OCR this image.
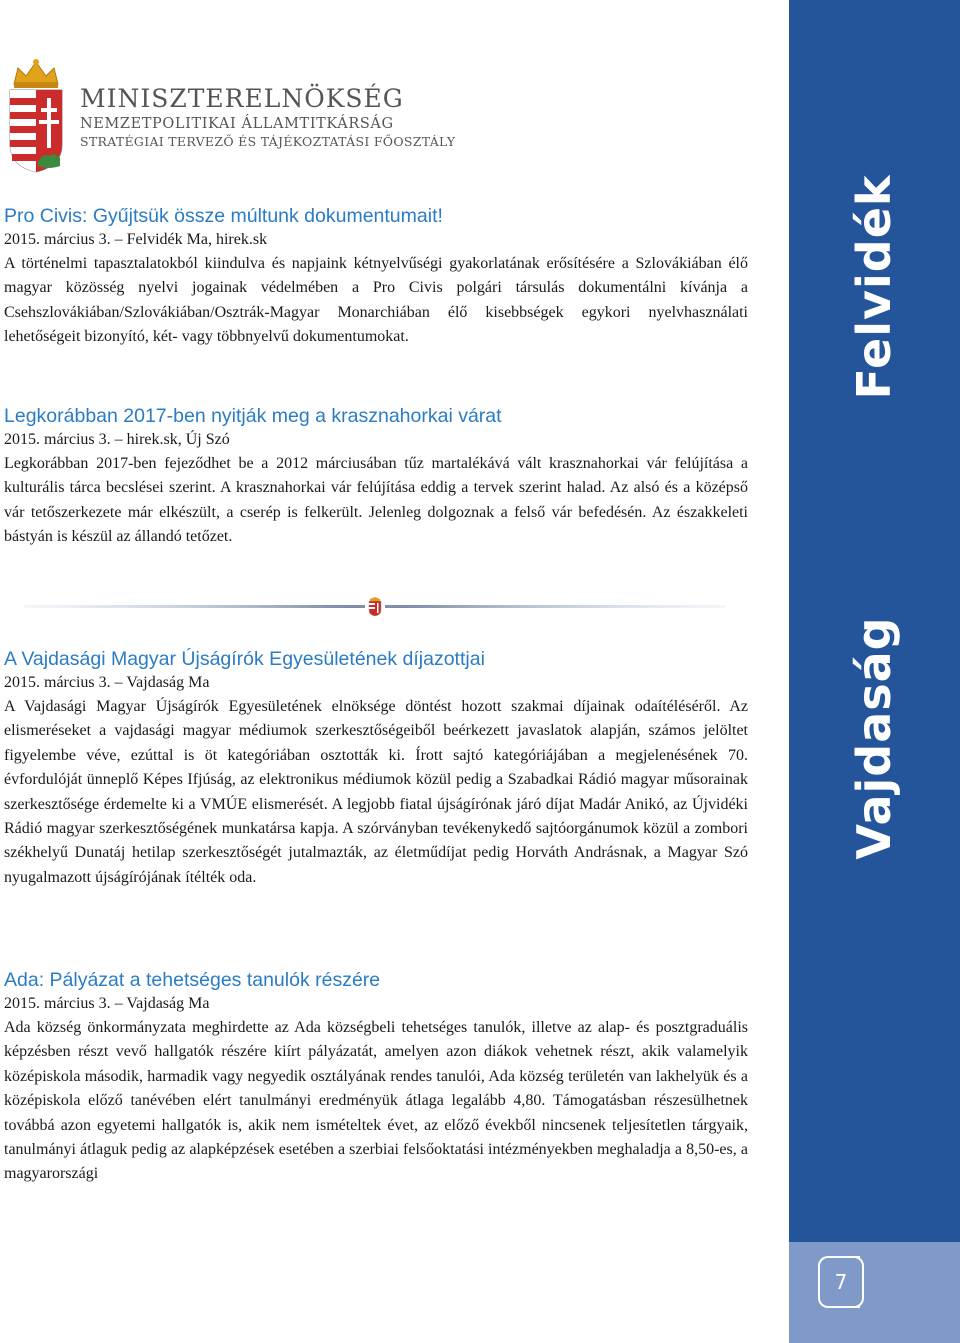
Felvidék
Vajdaság
7
MINISZTERELNÖKSÉG
NEMZETPOLITIKAI ÁLLAMTITKÁRSÁG
STRATÉGIAI TERVEZŐ ÉS TÁJÉKOZTATÁSI FŐOSZTÁLY
Pro Civis: Gyűjtsük össze múltunk dokumentumait!
2015. március 3. – Felvidék Ma, hirek.sk

A történelmi tapasztalatokból kiindulva és napjaink kétnyelvűségi gyakorlatának erősítésére a Szlovákiában élő magyar közösség nyelvi jogainak védelmében a Pro Civis polgári társulás dokumentálni kívánja a Csehszlovákiában/Szlovákiában/Osztrák-Magyar Monarchiában élő kisebbségek egykori nyelvhasználati lehetőségeit bizonyító, két- vagy többnyelvű dokumentumokat.

Legkorábban 2017-ben nyitják meg a krasznahorkai várat
2015. március 3. – hirek.sk, Új Szó

Legkorábban 2017-ben fejeződhet be a 2012 márciusában tűz martalékává vált krasznahorkai vár felújítása a kulturális tárca becslései szerint. A krasznahorkai vár felújítása eddig a tervek szerint halad. Az alsó és a középső vár tetőszerkezete már elkészült, a cserép is felkerült. Jelenleg dolgoznak a felső vár befedésén. Az északkeleti bástyán is készül az állandó tetőzet.

A Vajdasági Magyar Újságírók Egyesületének díjazottjai
2015. március 3. – Vajdaság Ma

A Vajdasági Magyar Újságírók Egyesületének elnöksége döntést hozott szakmai díjainak odaítéléséről. Az elismeréseket a vajdasági magyar médiumok szerkesztőségeiből beérkezett javaslatok alapján, számos jelöltet figyelembe véve, ezúttal is öt kategóriában osztották ki. Írott sajtó kategóriájában a megjelenésének 70. évfordulóját ünneplő Képes Ifjúság, az elektronikus médiumok közül pedig a Szabadkai Rádió magyar műsorainak szerkesztősége érdemelte ki a VMÚE elismerését. A legjobb fiatal újságírónak járó díjat Madár Anikó, az Újvidéki Rádió magyar szerkesztőségének munkatársa kapja. A szórványban tevékenykedő sajtóorgánumok közül a zombori székhelyű Dunatáj hetilap szerkesztőségét jutalmazták, az életműdíjat pedig Horváth Andrásnak, a Magyar Szó nyugalmazott újságírójának ítélték oda.

Ada: Pályázat a tehetséges tanulók részére
2015. március 3. – Vajdaság Ma

Ada község önkormányzata meghirdette az Ada községbeli tehetséges tanulók, illetve az alap- és posztgraduális képzésben részt vevő hallgatók részére kiírt pályázatát, amelyen azon diákok vehetnek részt, akik valamelyik középiskola második, harmadik vagy negyedik osztályának rendes tanulói, Ada község területén van lakhelyük és a középiskola előző tanévében elért tanulmányi eredményük átlaga legalább 4,80. Támogatásban részesülhetnek továbbá azon egyetemi hallgatók is, akik nem ismételtek évet, az előző évekből nincsenek teljesítetlen tárgyaik, tanulmányi átlaguk pedig az alapképzések esetében a szerbiai felsőoktatási intézményekben meghaladja a 8,50-es, a magyarországi
